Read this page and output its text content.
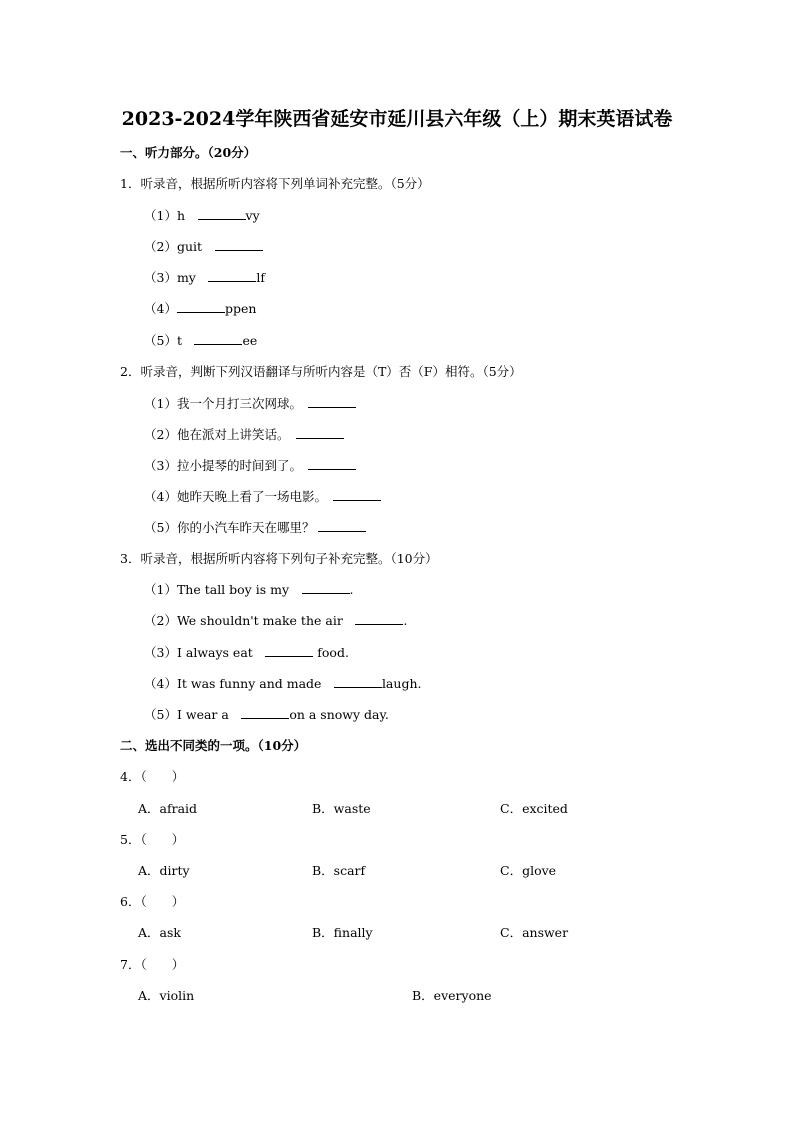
2023-2024学年陕西省延安市延川县六年级（上）期末英语试卷
一、听力部分。（20分）
1．听录音，根据所听内容将下列单词补充完整。（5分）
（1）h　	vy
（2）guit　
（3）my　	lf
（4）	ppen
（5）t　	ee
2．听录音，判断下列汉语翻译与所听内容是（T）否（F）相符。（5分）
（1）我一个月打三次网球。　
（2）他在派对上讲笑话。　
（3）拉小提琴的时间到了。　
（4）她昨天晚上看了一场电影。　
（5）你的小汽车昨天在哪里？
3．听录音，根据所听内容将下列句子补充完整。（10分）
（1）The tall boy is my　	.
（2）We shouldn't make the air　	.
（3）I always eat　	food.
（4）It was funny and made　	laugh.
（5）I wear a　	on a snowy day.
二、选出不同类的一项。（10分）
4．（　　）
A．afraid	B．waste	C．excited
5．（　　）
A．dirty	B．scarf	C．glove
6．（　　）
A．ask	B．finally	C．answer
7．（　　）
A．violin	B．everyone
